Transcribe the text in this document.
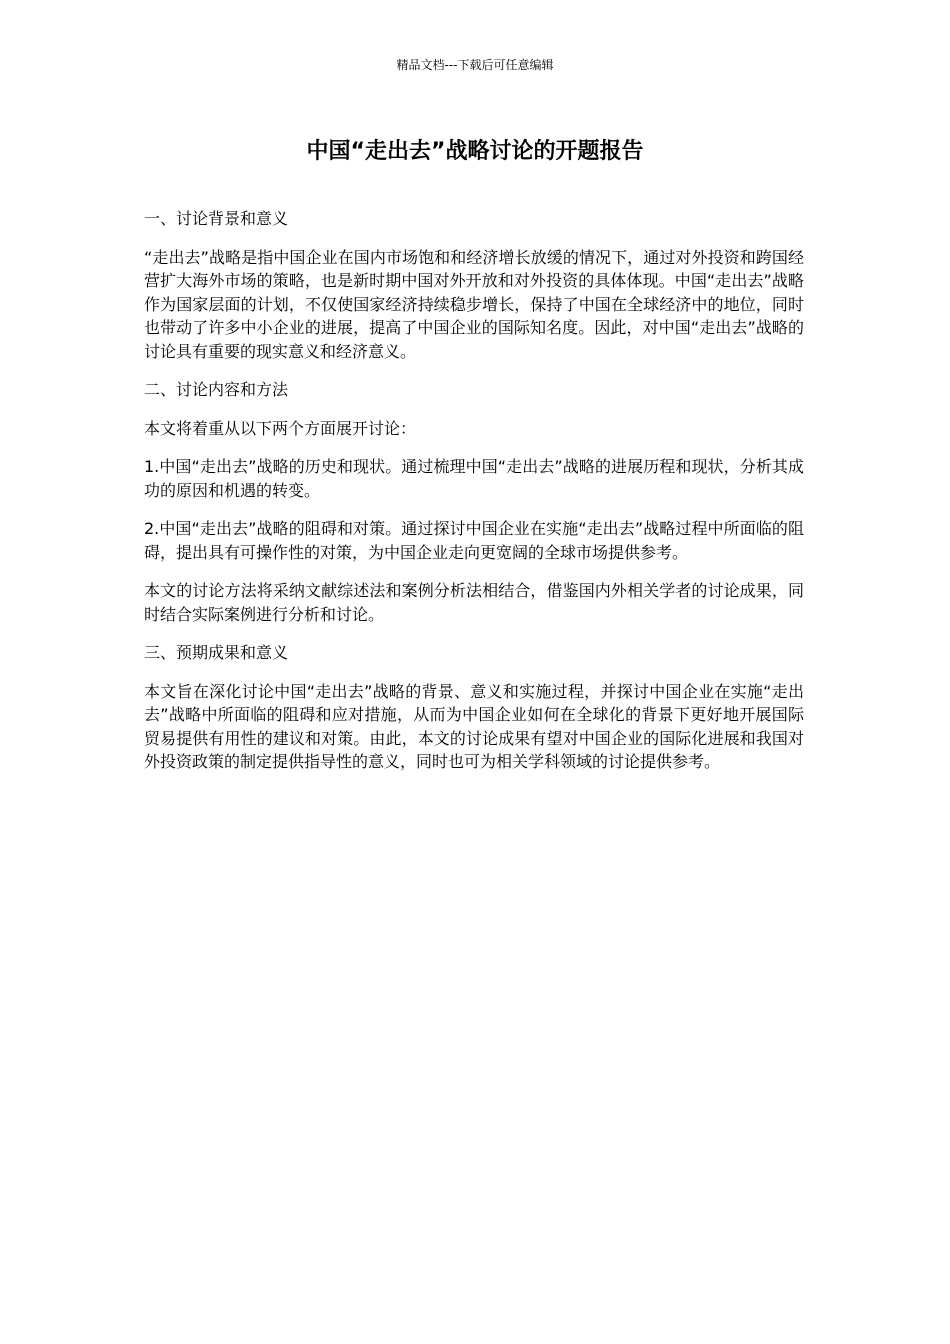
精品文档---下载后可任意编辑
中国“走出去”战略讨论的开题报告

一、讨论背景和意义

“走出去”战略是指中国企业在国内市场饱和和经济增长放缓的情况下，通过对外投资和跨国经营扩大海外市场的策略，也是新时期中国对外开放和对外投资的具体体现。中国“走出去”战略作为国家层面的计划，不仅使国家经济持续稳步增长，保持了中国在全球经济中的地位，同时也带动了许多中小企业的进展，提高了中国企业的国际知名度。因此，对中国“走出去”战略的讨论具有重要的现实意义和经济意义。

二、讨论内容和方法

本文将着重从以下两个方面展开讨论：

1.中国“走出去”战略的历史和现状。通过梳理中国“走出去”战略的进展历程和现状，分析其成功的原因和机遇的转变。

2.中国“走出去”战略的阻碍和对策。通过探讨中国企业在实施“走出去”战略过程中所面临的阻碍，提出具有可操作性的对策，为中国企业走向更宽阔的全球市场提供参考。

本文的讨论方法将采纳文献综述法和案例分析法相结合，借鉴国内外相关学者的讨论成果，同时结合实际案例进行分析和讨论。

三、预期成果和意义

本文旨在深化讨论中国“走出去”战略的背景、意义和实施过程，并探讨中国企业在实施“走出去”战略中所面临的阻碍和应对措施，从而为中国企业如何在全球化的背景下更好地开展国际贸易提供有用性的建议和对策。由此，本文的讨论成果有望对中国企业的国际化进展和我国对外投资政策的制定提供指导性的意义，同时也可为相关学科领域的讨论提供参考。
